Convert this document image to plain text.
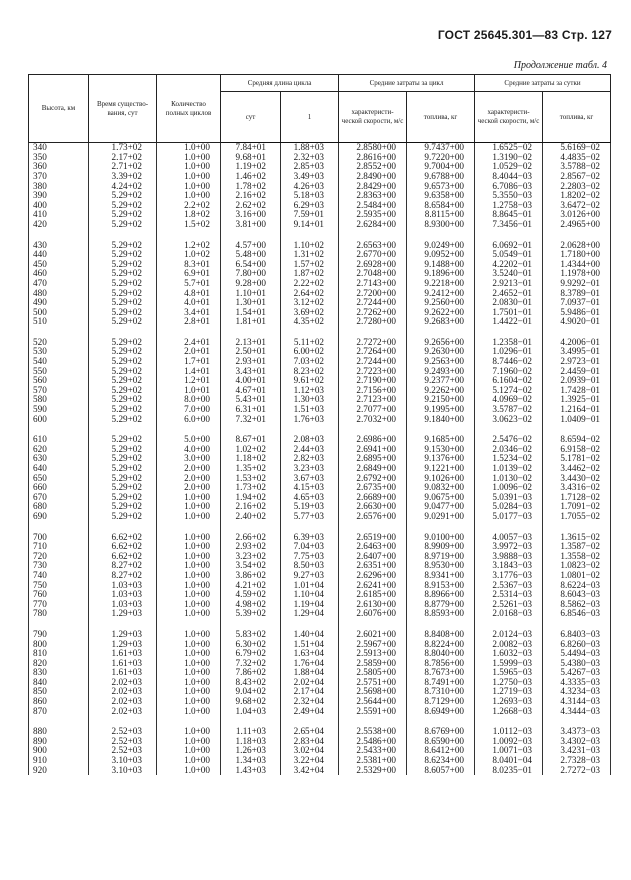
ГОСТ 25645.301—83 Стр. 127
Продолжение табл. 4
Высота, км	Время существо- вания, сут	Количество полных циклов	Средняя длина цикла		Средние затраты за цикл		Средние затраты за сутки	
			сут	1	характеристи- ческой скорости, м/с	топлива, кг	характеристи- ческой скорости, м/с	топлива, кг
340	1.73+02	1.0+00	7.84+01	1.88+03	2.8580+00	9.7437+00	1.6525−02	5.6169−02
350	2.17+02	1.0+00	9.68+01	2.32+03	2.8616+00	9.7220+00	1.3190−02	4.4835−02
360	2.71+02	1.0+00	1.19+02	2.85+03	2.8552+00	9.7004+00	1.0529−02	3.5788−02
370	3.39+02	1.0+00	1.46+02	3.49+03	2.8490+00	9.6788+00	8.4044−03	2.8567−02
380	4.24+02	1.0+00	1.78+02	4.26+03	2.8429+00	9.6573+00	6.7086−03	2.2803−02
390	5.29+02	1.0+00	2.16+02	5.18+03	2.8363+00	9.6358+00	5.3550−03	1.8202−02
400	5.29+02	2.2+02	2.62+02	6.29+03	2.5484+00	8.6584+00	1.2758−03	3.6472−02
410	5.29+02	1.8+02	3.16+00	7.59+01	2.5935+00	8.8115+00	8.8645−01	3.0126+00
420	5.29+02	1.5+02	3.81+00	9.14+01	2.6284+00	8.9300+00	7.3456−01	2.4965+00

430	5.29+02	1.2+02	4.57+00	1.10+02	2.6563+00	9.0249+00	6.0692−01	2.0628+00
440	5.29+02	1.0+02	5.48+00	1.31+02	2.6770+00	9.0952+00	5.0549−01	1.7180+00
450	5.29+02	8.3+01	6.54+00	1.57+02	2.6928+00	9.1488+00	4.2202−01	1.4344+00
460	5.29+02	6.9+01	7.80+00	1.87+02	2.7048+00	9.1896+00	3.5240−01	1.1978+00
470	5.29+02	5.7+01	9.28+00	2.22+02	2.7143+00	9.2218+00	2.9213−01	9.9292−01
480	5.29+02	4.8+01	1.10+01	2.64+02	2.7200+00	9.2412+00	2.4652−01	8.3789−01
490	5.29+02	4.0+01	1.30+01	3.12+02	2.7244+00	9.2560+00	2.0830−01	7.0937−01
500	5.29+02	3.4+01	1.54+01	3.69+02	2.7262+00	9.2622+00	1.7501−01	5.9486−01
510	5.29+02	2.8+01	1.81+01	4.35+02	2.7280+00	9.2683+00	1.4422−01	4.9020−01

520	5.29+02	2.4+01	2.13+01	5.11+02	2.7272+00	9.2656+00	1.2358−01	4.2006−01
530	5.29+02	2.0+01	2.50+01	6.00+02	2.7264+00	9.2630+00	1.0296−01	3.4995−01
540	5.29+02	1.7+01	2.93+01	7.03+02	2.7244+00	9.2563+00	8.7446−02	2.9723−01
550	5.29+02	1.4+01	3.43+01	8.23+02	2.7223+00	9.2493+00	7.1960−02	2.4459−01
560	5.29+02	1.2+01	4.00+01	9.61+02	2.7190+00	9.2377+00	6.1604−02	2.0939−01
570	5.29+02	1.0+01	4.67+01	1.12+03	2.7156+00	9.2262+00	5.1274−02	1.7428−01
580	5.29+02	8.0+00	5.43+01	1.30+03	2.7123+00	9.2150+00	4.0969−02	1.3925−01
590	5.29+02	7.0+00	6.31+01	1.51+03	2.7077+00	9.1995+00	3.5787−02	1.2164−01
600	5.29+02	6.0+00	7.32+01	1.76+03	2.7032+00	9.1840+00	3.0623−02	1.0409−01

610	5.29+02	5.0+00	8.67+01	2.08+03	2.6986+00	9.1685+00	2.5476−02	8.6594−02
620	5.29+02	4.0+00	1.02+02	2.44+03	2.6941+00	9.1530+00	2.0346−02	6.9158−02
630	5.29+02	3.0+00	1.18+02	2.82+03	2.6895+00	9.1376+00	1.5234−02	5.1781−02
640	5.29+02	2.0+00	1.35+02	3.23+03	2.6849+00	9.1221+00	1.0139−02	3.4462−02
650	5.29+02	2.0+00	1.53+02	3.67+03	2.6792+00	9.1026+00	1.0130−02	3.4430−02
660	5.29+02	2.0+00	1.73+02	4.15+03	2.6735+00	9.0832+00	1.0096−02	3.4316−02
670	5.29+02	1.0+00	1.94+02	4.65+03	2.6689+00	9.0675+00	5.0391−03	1.7128−02
680	5.29+02	1.0+00	2.16+02	5.19+03	2.6630+00	9.0477+00	5.0284−03	1.7091−02
690	5.29+02	1.0+00	2.40+02	5.77+03	2.6576+00	9.0291+00	5.0177−03	1.7055−02

700	6.62+02	1.0+00	2.66+02	6.39+03	2.6519+00	9.0100+00	4.0057−03	1.3615−02
710	6.62+02	1.0+00	2.93+02	7.04+03	2.6463+00	8.9909+00	3.9972−03	1.3587−02
720	6.62+02	1.0+00	3.23+02	7.75+03	2.6407+00	8.9719+00	3.9888−03	1.3558−02
730	8.27+02	1.0+00	3.54+02	8.50+03	2.6351+00	8.9530+00	3.1843−03	1.0823−02
740	8.27+02	1.0+00	3.86+02	9.27+03	2.6296+00	8.9341+00	3.1776−03	1.0801−02
750	1.03+03	1.0+00	4.21+02	1.01+04	2.6241+00	8.9153+00	2.5367−03	8.6224−03
760	1.03+03	1.0+00	4.59+02	1.10+04	2.6185+00	8.8966+00	2.5314−03	8.6043−03
770	1.03+03	1.0+00	4.98+02	1.19+04	2.6130+00	8.8779+00	2.5261−03	8.5862−03
780	1.29+03	1.0+00	5.39+02	1.29+04	2.6076+00	8.8593+00	2.0168−03	6.8546−03

790	1.29+03	1.0+00	5.83+02	1.40+04	2.6021+00	8.8408+00	2.0124−03	6.8403−03
800	1.29+03	1.0+00	6.30+02	1.51+04	2.5967+00	8.8224+00	2.0082−03	6.8260−03
810	1.61+03	1.0+00	6.79+02	1.63+04	2.5913+00	8.8040+00	1.6032−03	5.4494−03
820	1.61+03	1.0+00	7.32+02	1.76+04	2.5859+00	8.7856+00	1.5999−03	5.4380−03
830	1.61+03	1.0+00	7.86+02	1.88+04	2.5805+00	8.7673+00	1.5965−03	5.4267−03
840	2.02+03	1.0+00	8.43+02	2.02+04	2.5751+00	8.7491+00	1.2750−03	4.3335−03
850	2.02+03	1.0+00	9.04+02	2.17+04	2.5698+00	8.7310+00	1.2719−03	4.3234−03
860	2.02+03	1.0+00	9.68+02	2.32+04	2.5644+00	8.7129+00	1.2693−03	4.3144−03
870	2.02+03	1.0+00	1.04+03	2.49+04	2.5591+00	8.6949+00	1.2668−03	4.3444−03

880	2.52+03	1.0+00	1.11+03	2.65+04	2.5538+00	8.6769+00	1.0112−03	3.4373−03
890	2.52+03	1.0+00	1.18+03	2.83+04	2.5486+00	8.6590+00	1.0092−03	3.4302−03
900	2.52+03	1.0+00	1.26+03	3.02+04	2.5433+00	8.6412+00	1.0071−03	3.4231−03
910	3.10+03	1.0+00	1.34+03	3.22+04	2.5381+00	8.6234+00	8.0401−04	2.7328−03
920	3.10+03	1.0+00	1.43+03	3.42+04	2.5329+00	8.6057+00	8.0235−01	2.7272−03
